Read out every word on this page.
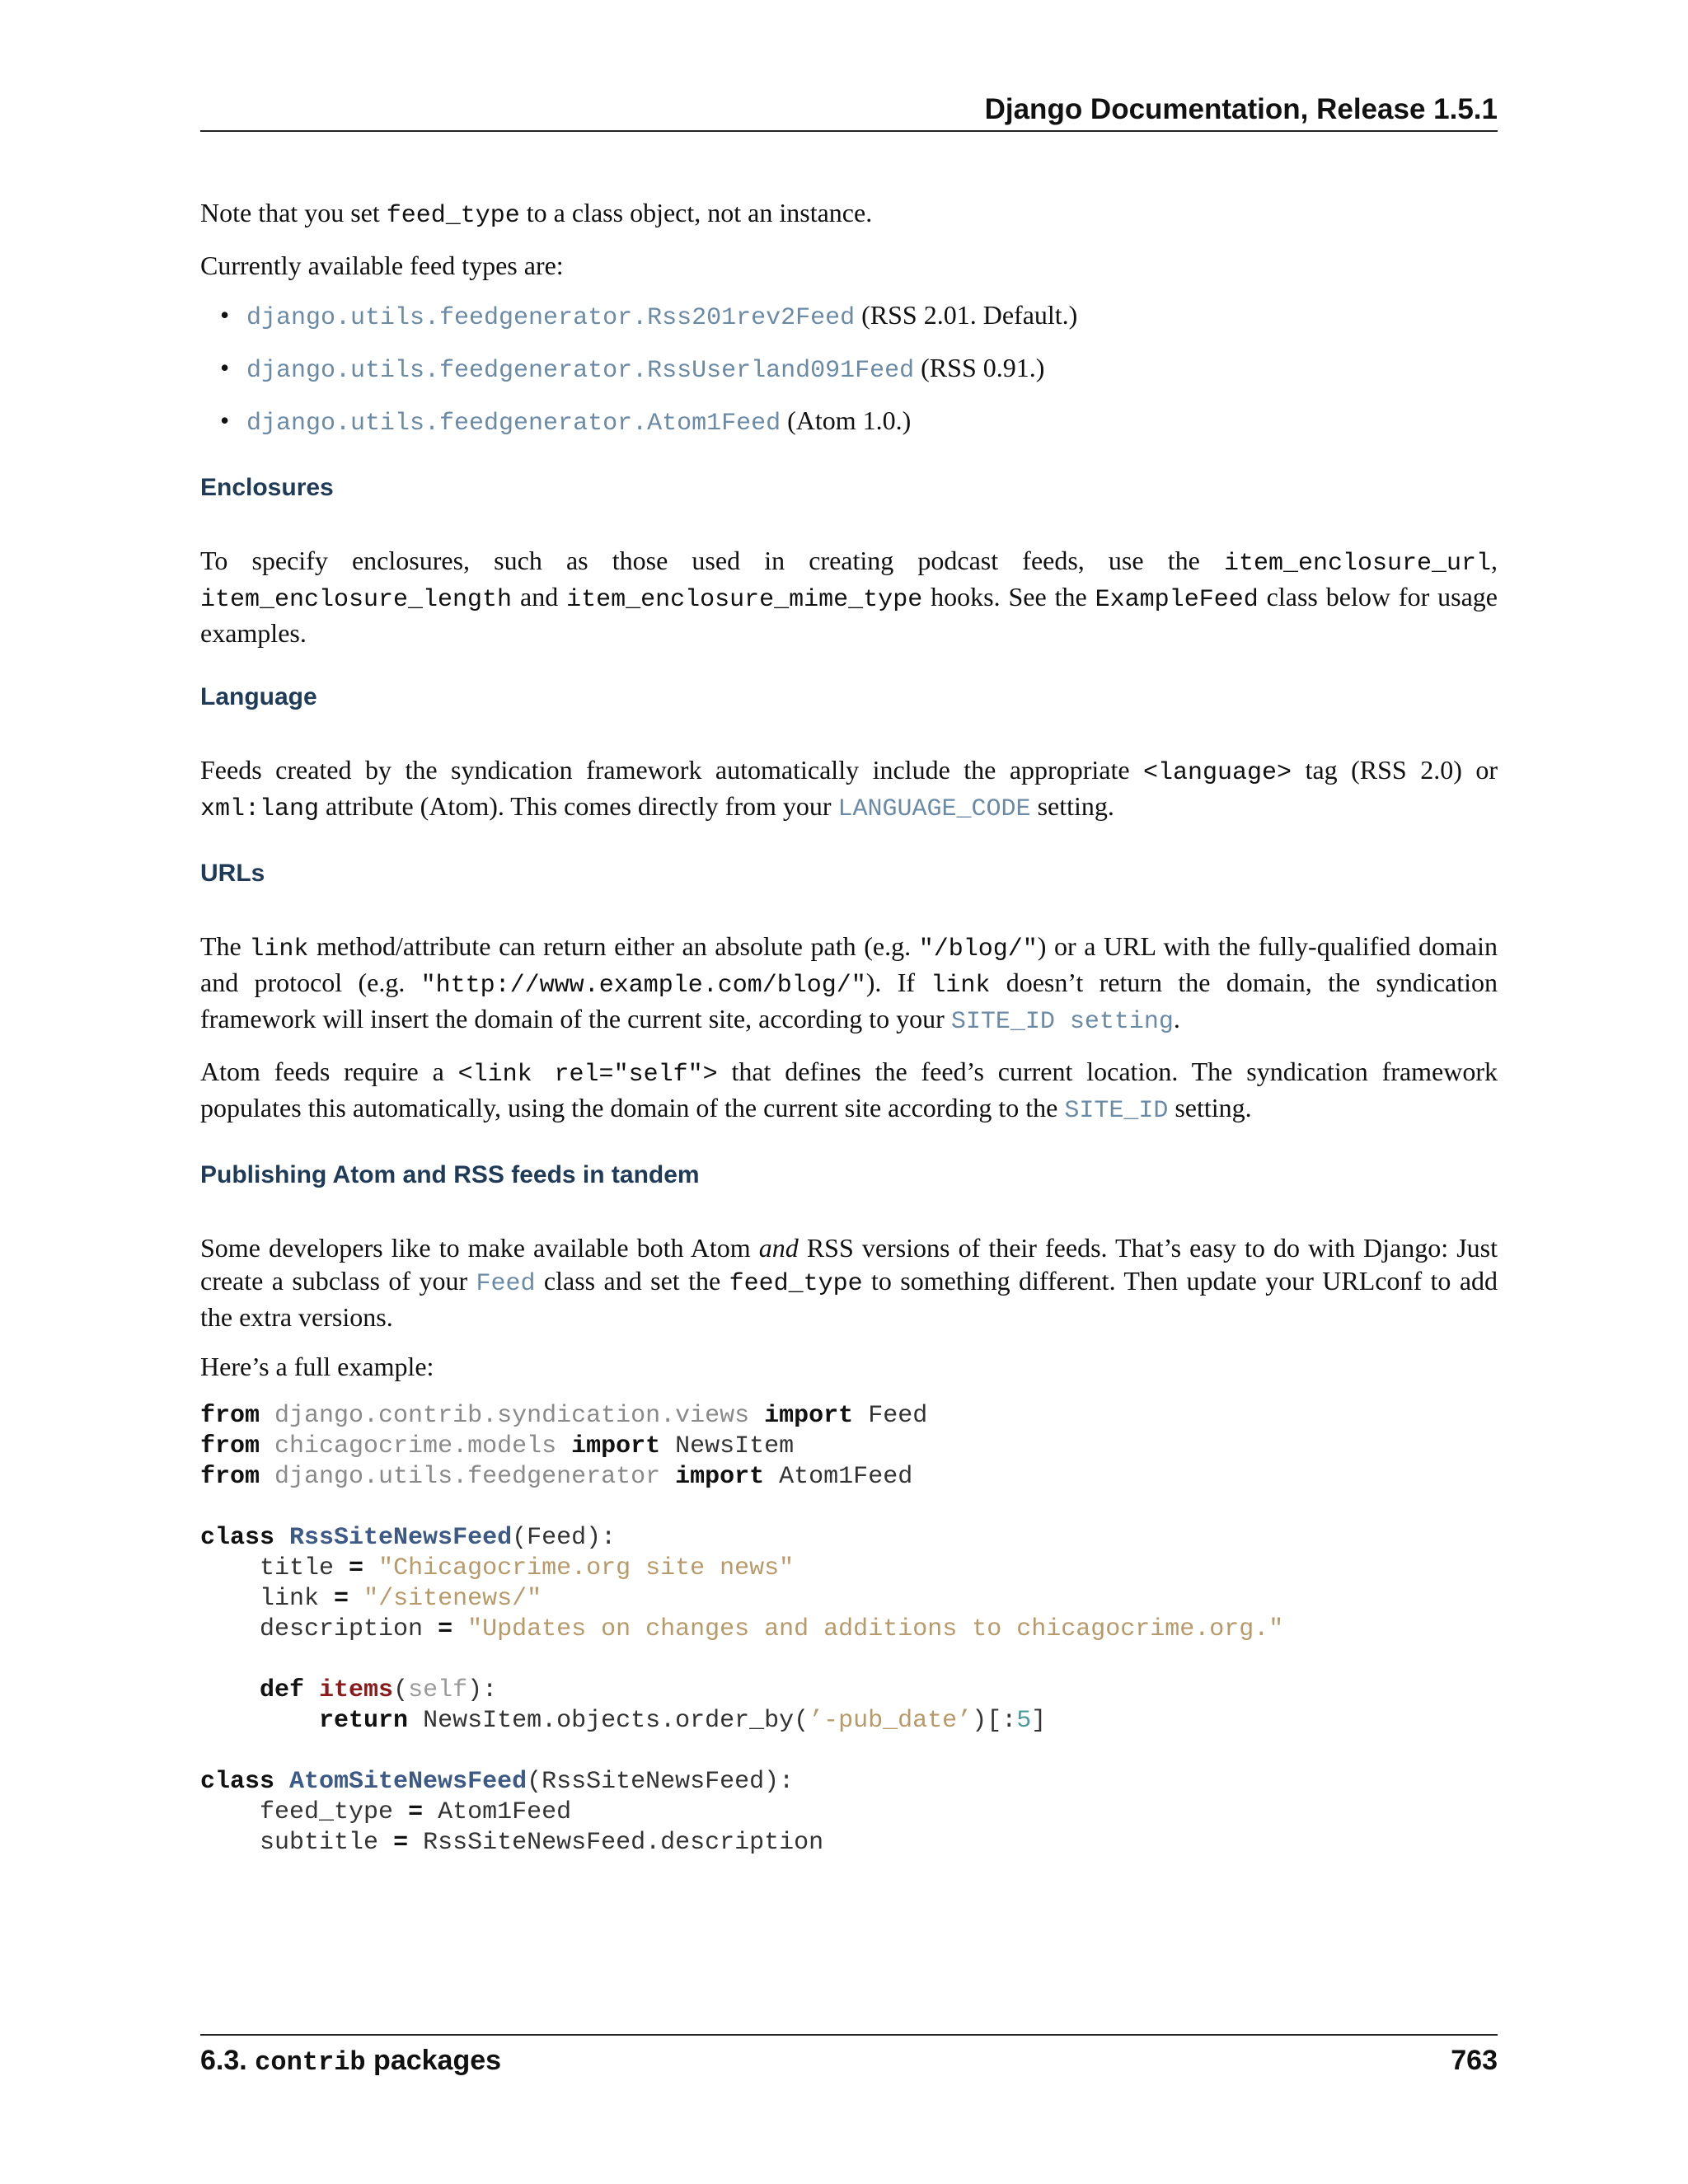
Django Documentation, Release 1.5.1

Note that you set feed_type to a class object, not an instance.

Currently available feed types are:

• django.utils.feedgenerator.Rss201rev2Feed (RSS 2.01. Default.)
• django.utils.feedgenerator.RssUserland091Feed (RSS 0.91.)
• django.utils.feedgenerator.Atom1Feed (Atom 1.0.)
Enclosures

To specify enclosures, such as those used in creating podcast feeds, use the item_enclosure_url, item_enclosure_length and item_enclosure_mime_type hooks. See the ExampleFeed class below for usage examples.

Language

Feeds created by the syndication framework automatically include the appropriate <language> tag (RSS 2.0) or xml:lang attribute (Atom). This comes directly from your LANGUAGE_CODE setting.

URLs

The link method/attribute can return either an absolute path (e.g. "/blog/") or a URL with the fully-qualified domain and protocol (e.g. "http://www.example.com/blog/"). If link doesn’t return the domain, the syndication framework will insert the domain of the current site, according to your SITE_ID setting.

Atom feeds require a <link rel="self"> that defines the feed’s current location. The syndication framework populates this automatically, using the domain of the current site according to the SITE_ID setting.

Publishing Atom and RSS feeds in tandem

Some developers like to make available both Atom and RSS versions of their feeds. That’s easy to do with Django: Just create a subclass of your Feed class and set the feed_type to something different. Then update your URLconf to add the extra versions.

Here’s a full example:

from django.contrib.syndication.views import Feed
from chicagocrime.models import NewsItem
from django.utils.feedgenerator import Atom1Feed

class RssSiteNewsFeed(Feed):
title = "Chicagocrime.org site news"
link = "/sitenews/"
description = "Updates on changes and additions to chicagocrime.org."

def items(self):
return NewsItem.objects.order_by(’-pub_date’)[:5]

class AtomSiteNewsFeed(RssSiteNewsFeed):
feed_type = Atom1Feed
subtitle = RssSiteNewsFeed.description
6.3. contrib packages	763
